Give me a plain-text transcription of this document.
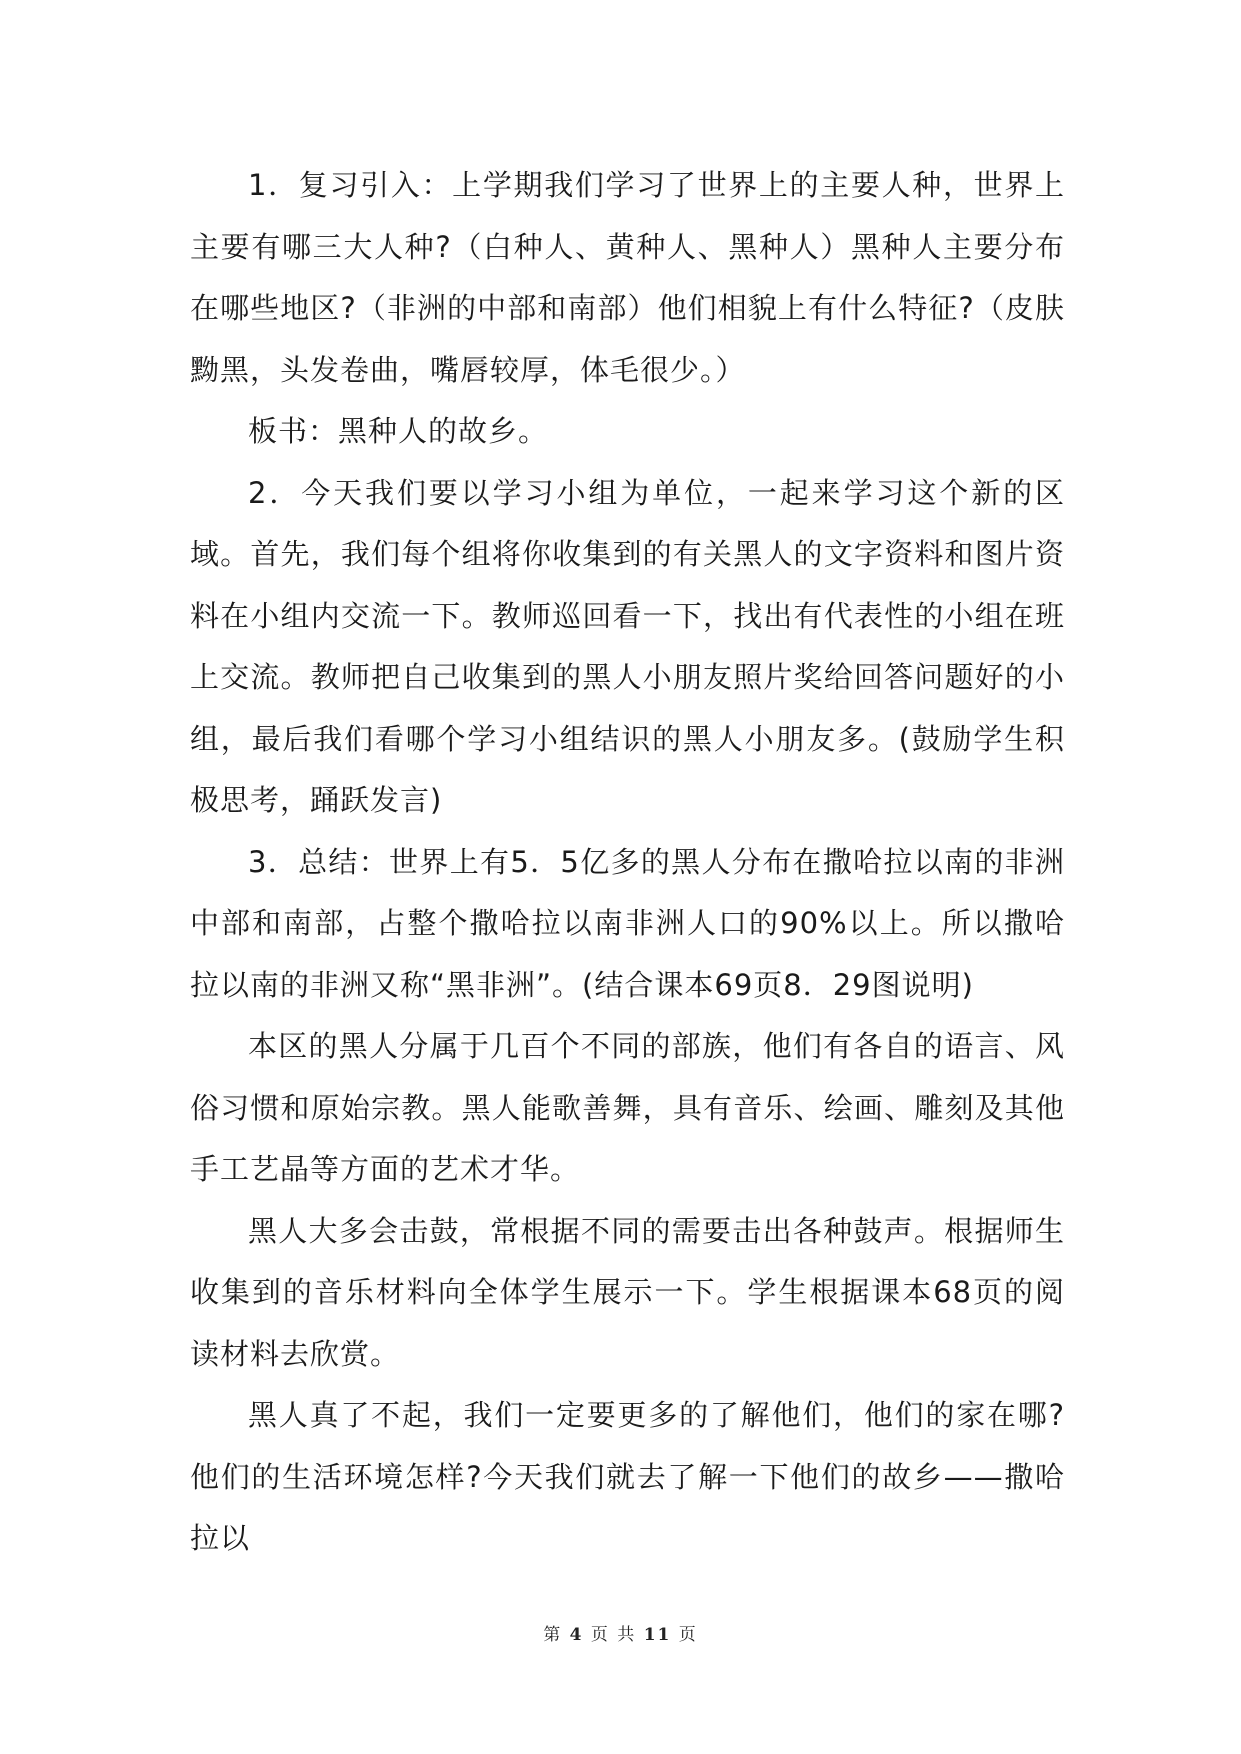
1．复习引入：上学期我们学习了世界上的主要人种，世界上主要有哪三大人种?（白种人、黄种人、黑种人）黑种人主要分布在哪些地区?（非洲的中部和南部）他们相貌上有什么特征?（皮肤黝黑，头发卷曲，嘴唇较厚，体毛很少。）

板书：黑种人的故乡。

2．今天我们要以学习小组为单位，一起来学习这个新的区域。首先，我们每个组将你收集到的有关黑人的文字资料和图片资料在小组内交流一下。教师巡回看一下，找出有代表性的小组在班上交流。教师把自己收集到的黑人小朋友照片奖给回答问题好的小组，最后我们看哪个学习小组结识的黑人小朋友多。(鼓励学生积极思考，踊跃发言)

3．总结：世界上有5．5亿多的黑人分布在撒哈拉以南的非洲中部和南部，占整个撒哈拉以南非洲人口的90%以上。所以撒哈拉以南的非洲又称“黑非洲”。(结合课本69页8．29图说明)

本区的黑人分属于几百个不同的部族，他们有各自的语言、风俗习惯和原始宗教。黑人能歌善舞，具有音乐、绘画、雕刻及其他手工艺晶等方面的艺术才华。

黑人大多会击鼓，常根据不同的需要击出各种鼓声。根据师生收集到的音乐材料向全体学生展示一下。学生根据课本68页的阅读材料去欣赏。

黑人真了不起，我们一定要更多的了解他们，他们的家在哪?他们的生活环境怎样?今天我们就去了解一下他们的故乡——撒哈拉以

第 4 页 共 11 页
